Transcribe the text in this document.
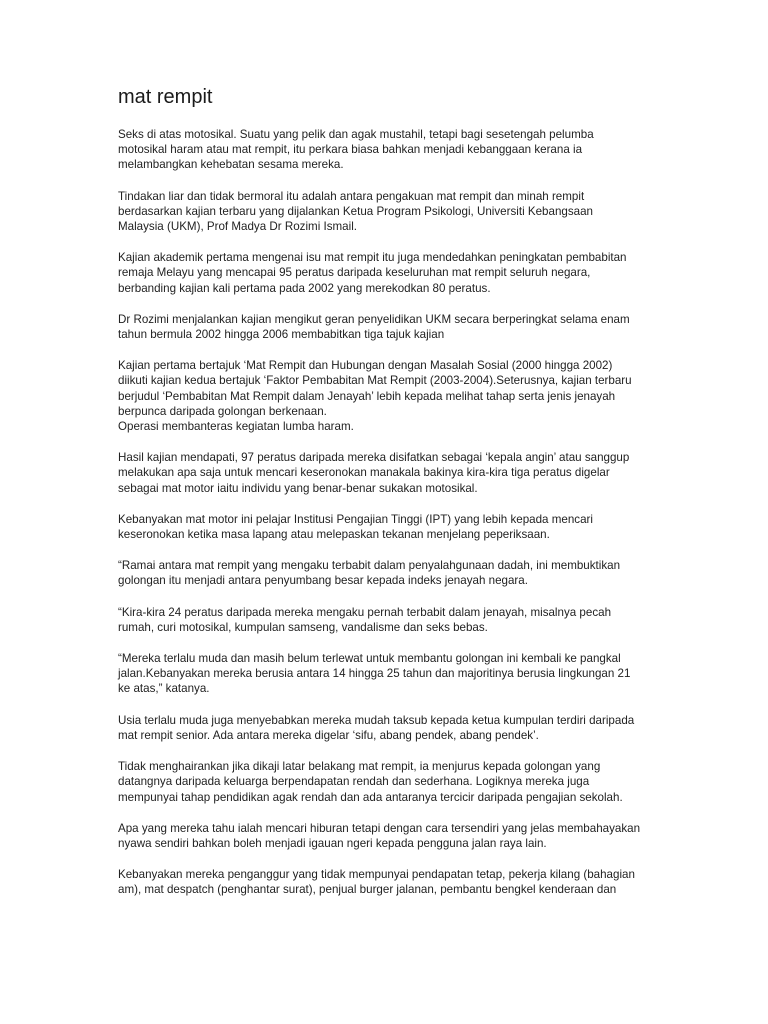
mat rempit

Seks di atas motosikal. Suatu yang pelik dan agak mustahil, tetapi bagi sesetengah pelumba
motosikal haram atau mat rempit, itu perkara biasa bahkan menjadi kebanggaan kerana ia
melambangkan kehebatan sesama mereka.

Tindakan liar dan tidak bermoral itu adalah antara pengakuan mat rempit dan minah rempit
berdasarkan kajian terbaru yang dijalankan Ketua Program Psikologi, Universiti Kebangsaan
Malaysia (UKM), Prof Madya Dr Rozimi Ismail.

Kajian akademik pertama mengenai isu mat rempit itu juga mendedahkan peningkatan pembabitan
remaja Melayu yang mencapai 95 peratus daripada keseluruhan mat rempit seluruh negara,
berbanding kajian kali pertama pada 2002 yang merekodkan 80 peratus.

Dr Rozimi menjalankan kajian mengikut geran penyelidikan UKM secara berperingkat selama enam
tahun bermula 2002 hingga 2006 membabitkan tiga tajuk kajian

Kajian pertama bertajuk ‘Mat Rempit dan Hubungan dengan Masalah Sosial (2000 hingga 2002)
diikuti kajian kedua bertajuk ‘Faktor Pembabitan Mat Rempit (2003-2004).Seterusnya, kajian terbaru
berjudul ‘Pembabitan Mat Rempit dalam Jenayah’ lebih kepada melihat tahap serta jenis jenayah
berpunca daripada golongan berkenaan.
Operasi membanteras kegiatan lumba haram.

Hasil kajian mendapati, 97 peratus daripada mereka disifatkan sebagai ‘kepala angin’ atau sanggup
melakukan apa saja untuk mencari keseronokan manakala bakinya kira-kira tiga peratus digelar
sebagai mat motor iaitu individu yang benar-benar sukakan motosikal.

Kebanyakan mat motor ini pelajar Institusi Pengajian Tinggi (IPT) yang lebih kepada mencari
keseronokan ketika masa lapang atau melepaskan tekanan menjelang peperiksaan.

“Ramai antara mat rempit yang mengaku terbabit dalam penyalahgunaan dadah, ini membuktikan
golongan itu menjadi antara penyumbang besar kepada indeks jenayah negara.

“Kira-kira 24 peratus daripada mereka mengaku pernah terbabit dalam jenayah, misalnya pecah
rumah, curi motosikal, kumpulan samseng, vandalisme dan seks bebas.

“Mereka terlalu muda dan masih belum terlewat untuk membantu golongan ini kembali ke pangkal
jalan.Kebanyakan mereka berusia antara 14 hingga 25 tahun dan majoritinya berusia lingkungan 21
ke atas,” katanya.

Usia terlalu muda juga menyebabkan mereka mudah taksub kepada ketua kumpulan terdiri daripada
mat rempit senior. Ada antara mereka digelar ‘sifu, abang pendek, abang pendek’.

Tidak menghairankan jika dikaji latar belakang mat rempit, ia menjurus kepada golongan yang
datangnya daripada keluarga berpendapatan rendah dan sederhana. Logiknya mereka juga
mempunyai tahap pendidikan agak rendah dan ada antaranya tercicir daripada pengajian sekolah.

Apa yang mereka tahu ialah mencari hiburan tetapi dengan cara tersendiri yang jelas membahayakan
nyawa sendiri bahkan boleh menjadi igauan ngeri kepada pengguna jalan raya lain.

Kebanyakan mereka penganggur yang tidak mempunyai pendapatan tetap, pekerja kilang (bahagian
am), mat despatch (penghantar surat), penjual burger jalanan, pembantu bengkel kenderaan dan
